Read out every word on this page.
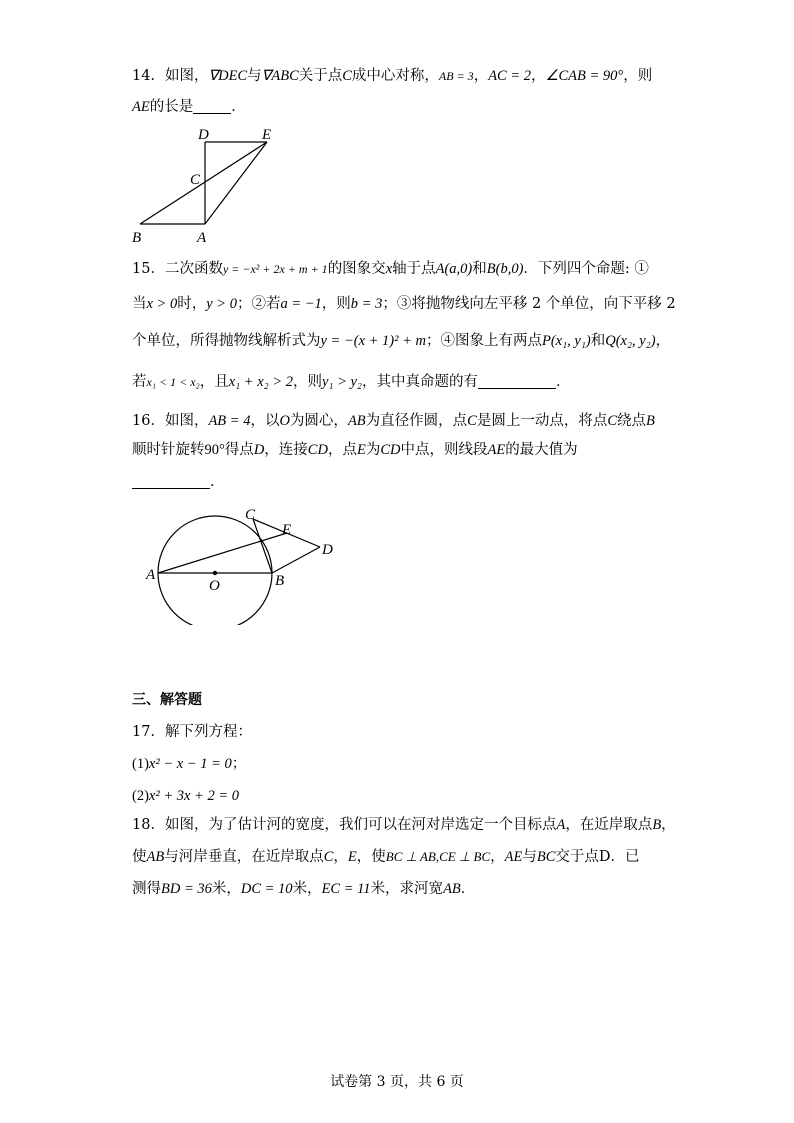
14．如图，∇DEC与∇ABC关于点C成中心对称，AB = 3，AC = 2，∠CAB = 90°，则
AE的长是	．
D	E
C
B	A
15．二次函数y = −x² + 2x + m + 1的图象交x轴于点A(a,0)和B(b,0)．下列四个命题: ①
当x > 0时，y > 0；②若a = −1，则b = 3；③将抛物线向左平移 2 个单位，向下平移 2
个单位，所得抛物线解析式为y = −(x + 1)² + m；④图象上有两点P(x₁, y₁)和Q(x₂, y₂)，
若x₁ < 1 < x₂，且x₁ + x₂ > 2，则y₁ > y₂，其中真命题的有	．
16．如图，AB = 4，以O为圆心，AB为直径作圆，点C是圆上一动点，将点C绕点B
顺时针旋转90°得点D，连接CD，点E为CD中点，则线段AE的最大值为
．
C
E
D
A
O	B
三、解答题
17．解下列方程：
(1)x² − x − 1 = 0；
(2)x² + 3x + 2 = 0
18．如图，为了估计河的宽度，我们可以在河对岸选定一个目标点A，在近岸取点B，
使AB与河岸垂直，在近岸取点C，E，使BC ⊥ AB,CE ⊥ BC，AE与BC交于点D．已
测得BD = 36米，DC = 10米，EC = 11米，求河宽AB．
试卷第 3 页，共 6 页
